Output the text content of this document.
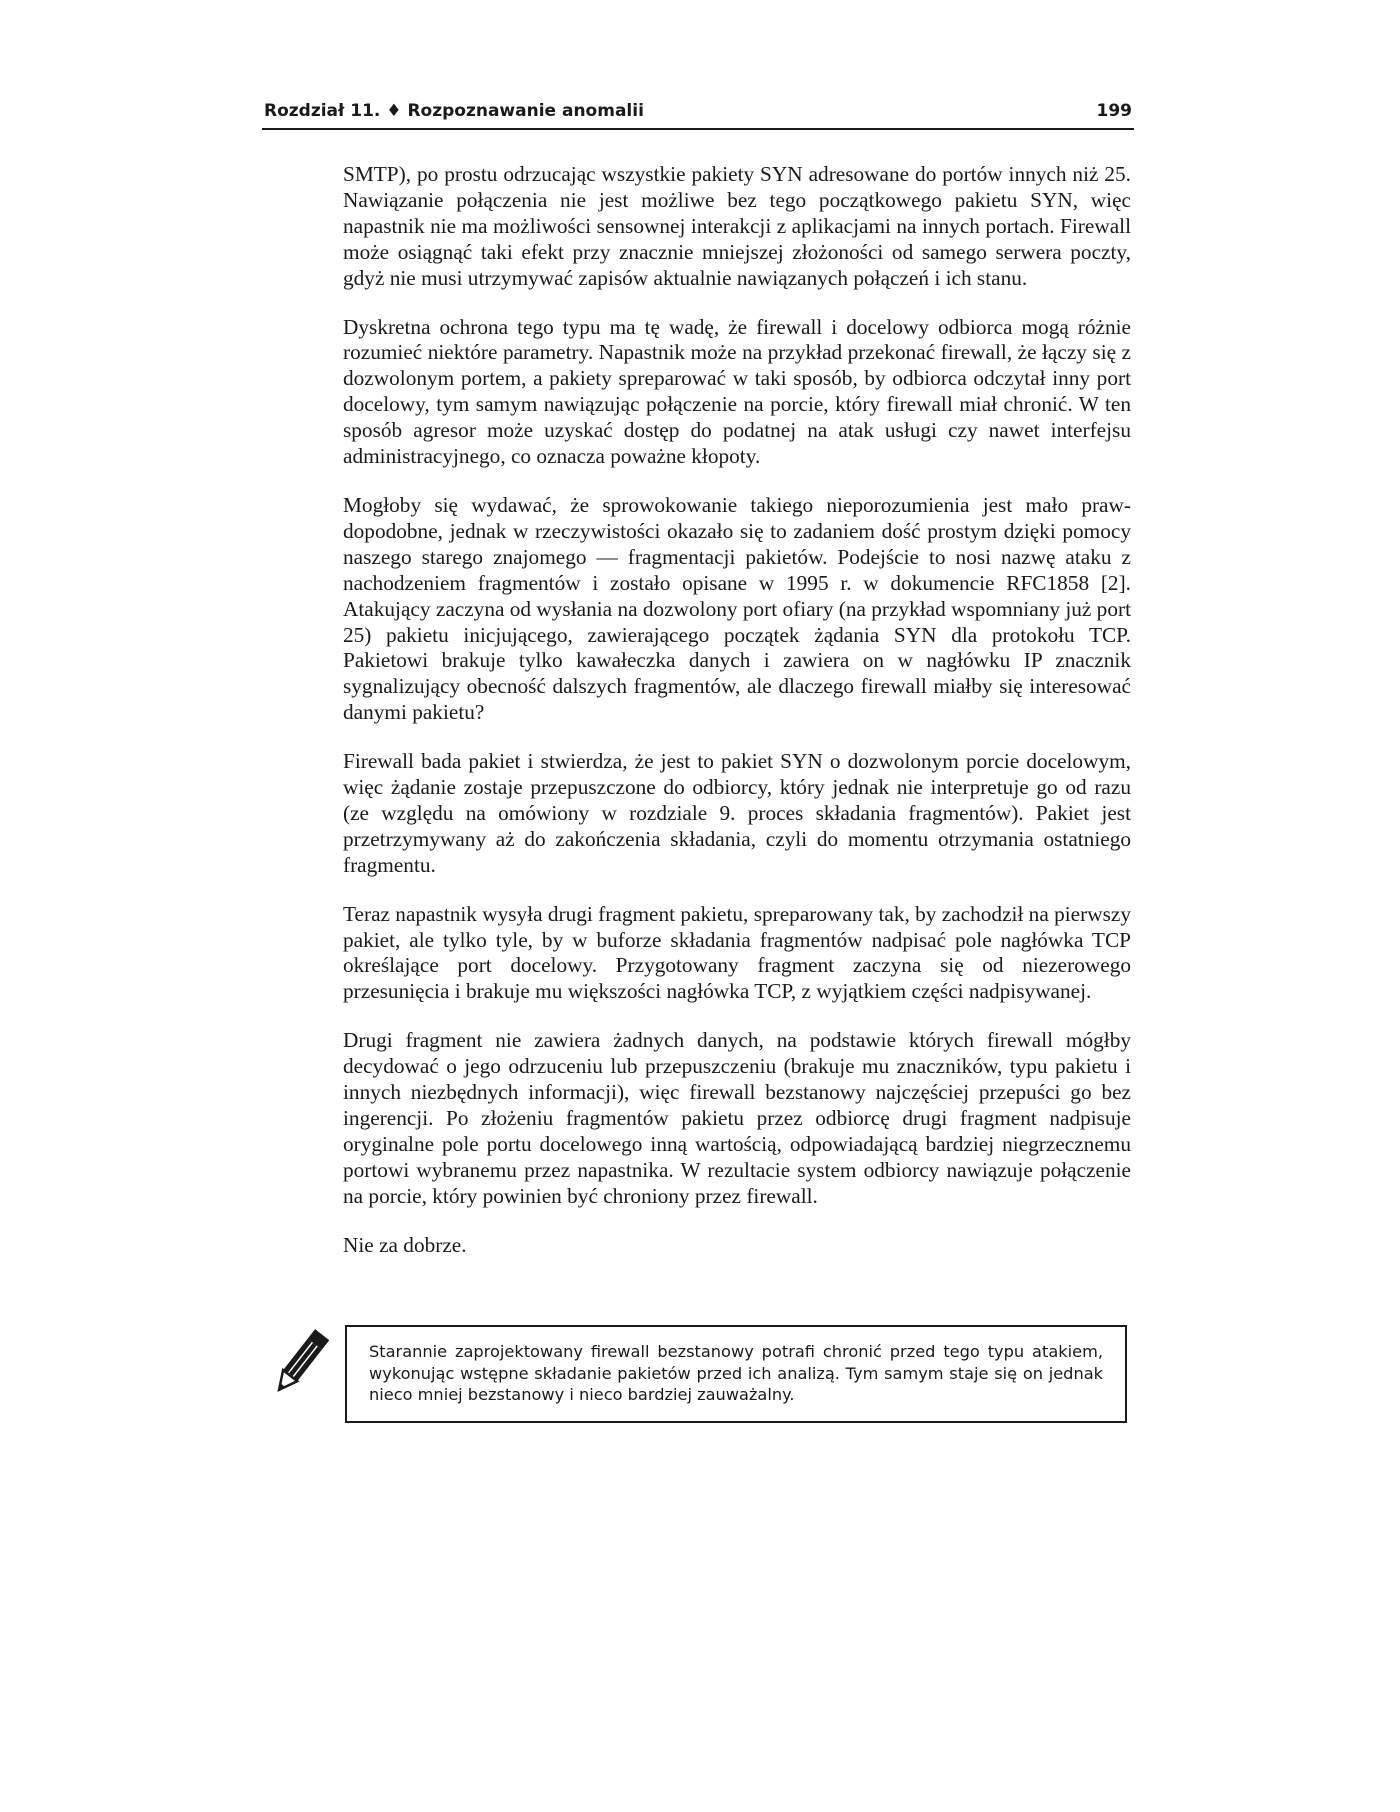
Rozdział 11. ♦ Rozpoznawanie anomalii	199

SMTP), po prostu odrzucając wszystkie pakiety SYN adresowane do portów innych niż 25. Nawiązanie połączenia nie jest możliwe bez tego początkowego pakietu SYN, więc napastnik nie ma możliwości sensownej interakcji z aplikacjami na innych portach. Firewall może osiągnąć taki efekt przy znacznie mniejszej złożoności od samego serwera poczty, gdyż nie musi utrzymywać zapisów aktualnie nawiązanych połączeń i ich stanu.

Dyskretna ochrona tego typu ma tę wadę, że firewall i docelowy odbiorca mogą różnie rozumieć niektóre parametry. Napastnik może na przykład przekonać firewall, że łączy się z dozwolonym portem, a pakiety spreparować w taki sposób, by odbiorca odczytał inny port docelowy, tym samym nawiązując połączenie na porcie, który firewall miał chronić. W ten sposób agresor może uzyskać dostęp do podatnej na atak usługi czy nawet interfejsu administracyjnego, co oznacza poważne kłopoty.

Mogłoby się wydawać, że sprowokowanie takiego nieporozumienia jest mało prawdopodobne, jednak w rzeczywistości okazało się to zadaniem dość prostym dzięki pomocy naszego starego znajomego — fragmentacji pakietów. Podejście to nosi nazwę ataku z nachodzeniem fragmentów i zostało opisane w 1995 r. w dokumencie RFC1858 [2]. Atakujący zaczyna od wysłania na dozwolony port ofiary (na przykład wspomniany już port 25) pakietu inicjującego, zawierającego początek żądania SYN dla protokołu TCP. Pakietowi brakuje tylko kawałeczka danych i zawiera on w nagłówku IP znacznik sygnalizujący obecność dalszych fragmentów, ale dlaczego firewall miałby się interesować danymi pakietu?

Firewall bada pakiet i stwierdza, że jest to pakiet SYN o dozwolonym porcie docelowym, więc żądanie zostaje przepuszczone do odbiorcy, który jednak nie interpretuje go od razu (ze względu na omówiony w rozdziale 9. proces składania fragmentów). Pakiet jest przetrzymywany aż do zakończenia składania, czyli do momentu otrzymania ostatniego fragmentu.

Teraz napastnik wysyła drugi fragment pakietu, spreparowany tak, by zachodził na pierwszy pakiet, ale tylko tyle, by w buforze składania fragmentów nadpisać pole nagłówka TCP określające port docelowy. Przygotowany fragment zaczyna się od niezerowego przesunięcia i brakuje mu większości nagłówka TCP, z wyjątkiem części nadpisywanej.

Drugi fragment nie zawiera żadnych danych, na podstawie których firewall mógłby decydować o jego odrzuceniu lub przepuszczeniu (brakuje mu znaczników, typu pakietu i innych niezbędnych informacji), więc firewall bezstanowy najczęściej przepuści go bez ingerencji. Po złożeniu fragmentów pakietu przez odbiorcę drugi fragment nadpisuje oryginalne pole portu docelowego inną wartością, odpowiadającą bardziej niegrzecznemu portowi wybranemu przez napastnika. W rezultacie system odbiorcy nawiązuje połączenie na porcie, który powinien być chroniony przez firewall.

Nie za dobrze.

Starannie zaprojektowany firewall bezstanowy potrafi chronić przed tego typu atakiem, wykonując wstępne składanie pakietów przed ich analizą. Tym samym staje się on jednak nieco mniej bezstanowy i nieco bardziej zauważalny.
